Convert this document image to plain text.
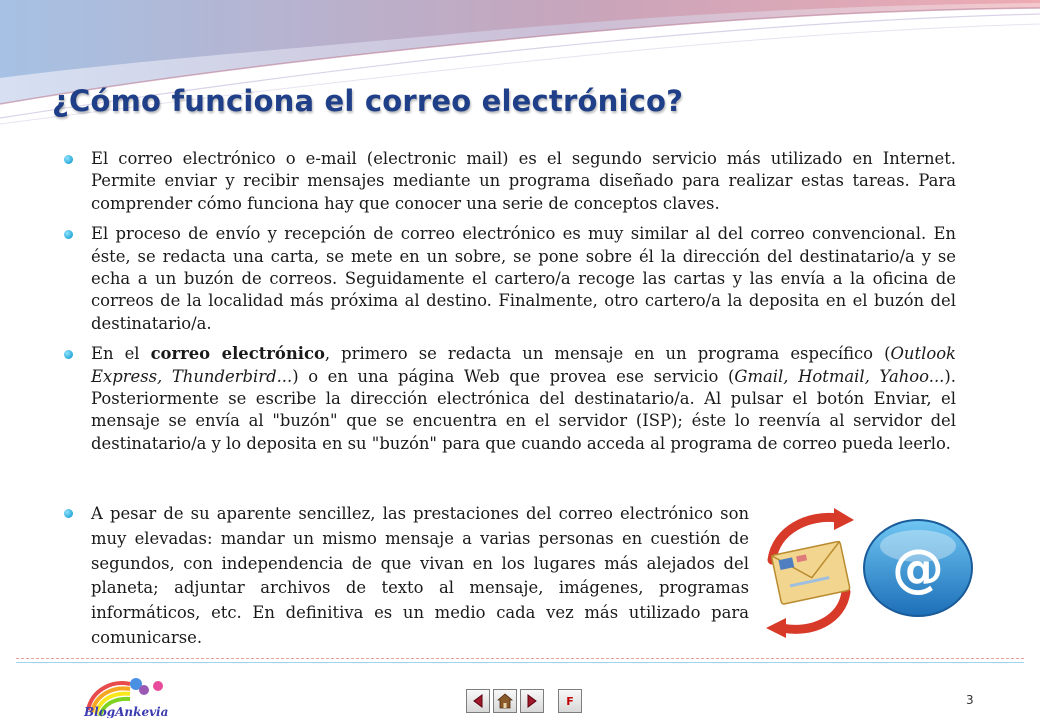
¿Cómo funciona el correo electrónico?
El correo electrónico o e-mail (electronic mail) es el segundo servicio más utilizado en Internet. Permite enviar y recibir mensajes mediante un programa diseñado para realizar estas tareas. Para comprender cómo funciona hay que conocer una serie de conceptos claves.
El proceso de envío y recepción de correo electrónico es muy similar al del correo convencional. En éste, se redacta una carta, se mete en un sobre, se pone sobre él la dirección del destinatario/a y se echa a un buzón de correos. Seguidamente el cartero/a recoge las cartas y las envía a la oficina de correos de la localidad más próxima al destino. Finalmente, otro cartero/a la deposita en el buzón del destinatario/a.
En el correo electrónico, primero se redacta un mensaje en un programa específico (Outlook Express, Thunderbird...) o en una página Web que provea ese servicio (Gmail, Hotmail, Yahoo...). Posteriormente se escribe la dirección electrónica del destinatario/a. Al pulsar el botón Enviar, el mensaje se envía al "buzón" que se encuentra en el servidor (ISP); éste lo reenvía al servidor del destinatario/a y lo deposita en su "buzón" para que cuando acceda al programa de correo pueda leerlo.
A pesar de su aparente sencillez, las prestaciones del correo electrónico son muy elevadas: mandar un mismo mensaje a varias personas en cuestión de segundos, con independencia de que vivan en los lugares más alejados del planeta; adjuntar archivos de texto al mensaje, imágenes, programas informáticos, etc. En definitiva es un medio cada vez más utilizado para comunicarse.
@
BlogAnkevia
F	3
